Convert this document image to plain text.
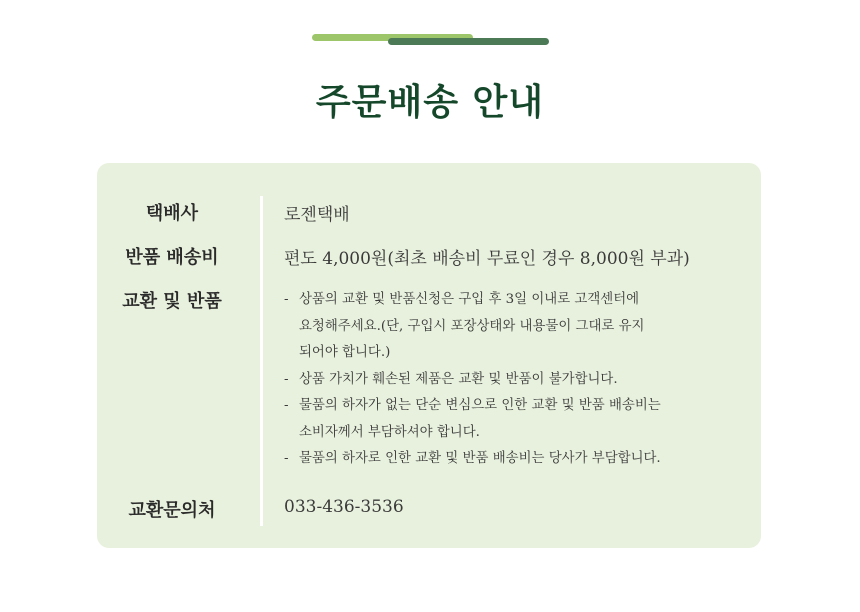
주문배송 안내
택배사	로젠택배
반품 배송비	편도 4,000원(최초 배송비 무료인 경우 8,000원 부과)
교환 및 반품	- 상품의 교환 및 반품신청은 구입 후 3일 이내로 고객센터에
요청해주세요.(단, 구입시 포장상태와 내용물이 그대로 유지
되어야 합니다.)
- 상품 가치가 훼손된 제품은 교환 및 반품이 불가합니다.
- 물품의 하자가 없는 단순 변심으로 인한 교환 및 반품 배송비는
소비자께서 부담하셔야 합니다.
- 물품의 하자로 인한 교환 및 반품 배송비는 당사가 부담합니다.
교환문의처	033-436-3536
